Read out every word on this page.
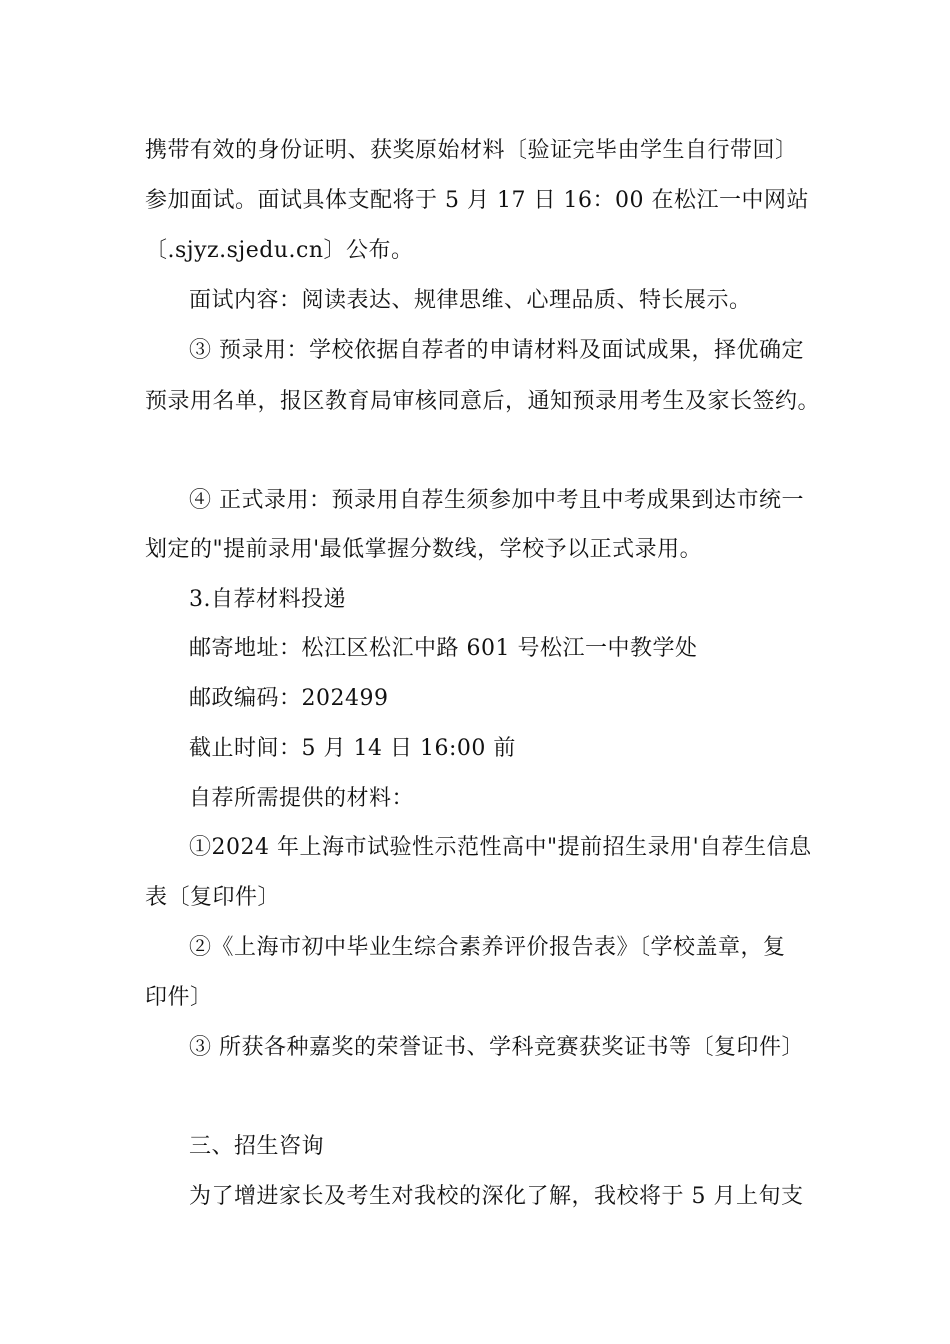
携带有效的身份证明、获奖原始材料〔验证完毕由学生自行带回〕
参加面试。面试具体支配将于 5 月 17 日 16：00 在松江一中网站
〔.sjyz.sjedu.cn〕公布。
面试内容：阅读表达、规律思维、心理品质、特长展示。
③ 预录用：学校依据自荐者的申请材料及面试成果，择优确定
预录用名单，报区教育局审核同意后，通知预录用考生及家长签约。
④ 正式录用：预录用自荐生须参加中考且中考成果到达市统一
划定的"提前录用'最低掌握分数线，学校予以正式录用。
3.自荐材料投递
邮寄地址：松江区松汇中路 601 号松江一中教学处
邮政编码：202499
截止时间：5 月 14 日 16:00 前
自荐所需提供的材料：
①2024 年上海市试验性示范性高中"提前招生录用'自荐生信息
表〔复印件〕
②《上海市初中毕业生综合素养评价报告表》〔学校盖章，复
印件〕
③ 所获各种嘉奖的荣誉证书、学科竞赛获奖证书等〔复印件〕
三、招生咨询
为了增进家长及考生对我校的深化了解，我校将于 5 月上旬支
